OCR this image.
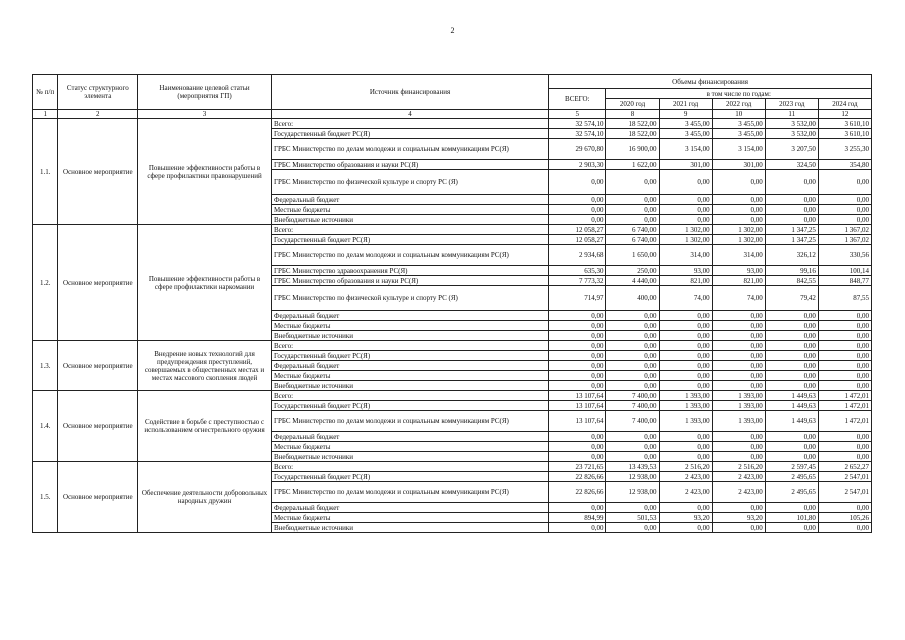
2
№ п/п	Статус структурного элемента	Наименование целевой статьи (мероприятия ГП)	Источник финансирования	Объемы финансирования					
				ВСЕГО:	в том числе по годам:				
					2020 год	2021 год	2022 год	2023 год	2024 год
1	2	3	4	5	8	9	10	11	12
1.1.	Основное мероприятие	Повышение эффективности работы в сфере профилактики правонарушений	Всего:	32 574,10	18 522,00	3 455,00	3 455,00	3 532,00	3 610,10
			Государственный бюджет РС(Я)	32 574,10	18 522,00	3 455,00	3 455,00	3 532,00	3 610,10
			ГРБС Министерство по делам молодежи и социальным коммуникациям РС(Я)	29 670,80	16 900,00	3 154,00	3 154,00	3 207,50	3 255,30
			ГРБС Министерство образования и науки РС(Я)	2 903,30	1 622,00	301,00	301,00	324,50	354,80
			ГРБС Министерство по физической культуре и спорту РС (Я)	0,00	0,00	0,00	0,00	0,00	0,00
			Федеральный бюджет	0,00	0,00	0,00	0,00	0,00	0,00
			Местные бюджеты	0,00	0,00	0,00	0,00	0,00	0,00
			Внебюджетные источники	0,00	0,00	0,00	0,00	0,00	0,00
1.2.	Основное мероприятие	Повышение эффективности работы в сфере профилактики наркомании	Всего:	12 058,27	6 740,00	1 302,00	1 302,00	1 347,25	1 367,02
			Государственный бюджет РС(Я)	12 058,27	6 740,00	1 302,00	1 302,00	1 347,25	1 367,02
			ГРБС Министерство по делам молодежи и социальным коммуникациям РС(Я)	2 934,68	1 650,00	314,00	314,00	326,12	330,56
			ГРБС Министерство здравоохранения РС(Я)	635,30	250,00	93,00	93,00	99,16	100,14
			ГРБС Министерство образования и науки РС(Я)	7 773,32	4 440,00	821,00	821,00	842,55	848,77
			ГРБС Министерство по физической культуре и спорту РС (Я)	714,97	400,00	74,00	74,00	79,42	87,55
			Федеральный бюджет	0,00	0,00	0,00	0,00	0,00	0,00
			Местные бюджеты	0,00	0,00	0,00	0,00	0,00	0,00
			Внебюджетные источники	0,00	0,00	0,00	0,00	0,00	0,00
1.3.	Основное мероприятие	Внедрение новых технологий для предупреждения преступлений, совершаемых в общественных местах и местах массового скопления людей	Всего:	0,00	0,00	0,00	0,00	0,00	0,00
			Государственный бюджет РС(Я)	0,00	0,00	0,00	0,00	0,00	0,00
			Федеральный бюджет	0,00	0,00	0,00	0,00	0,00	0,00
			Местные бюджеты	0,00	0,00	0,00	0,00	0,00	0,00
			Внебюджетные источники	0,00	0,00	0,00	0,00	0,00	0,00
1.4.	Основное мероприятие	Содействие в борьбе с преступностью с использованием огнестрельного оружия	Всего:	13 107,64	7 400,00	1 393,00	1 393,00	1 449,63	1 472,01
			Государственный бюджет РС(Я)	13 107,64	7 400,00	1 393,00	1 393,00	1 449,63	1 472,01
			ГРБС Министерство по делам молодежи и социальным коммуникациям РС(Я)	13 107,64	7 400,00	1 393,00	1 393,00	1 449,63	1 472,01
			Федеральный бюджет	0,00	0,00	0,00	0,00	0,00	0,00
			Местные бюджеты	0,00	0,00	0,00	0,00	0,00	0,00
			Внебюджетные источники	0,00	0,00	0,00	0,00	0,00	0,00
1.5.	Основное мероприятие	Обеспечение деятельности добровольных народных дружин	Всего:	23 721,65	13 439,53	2 516,20	2 516,20	2 597,45	2 652,27
			Государственный бюджет РС(Я)	22 826,66	12 938,00	2 423,00	2 423,00	2 495,65	2 547,01
			ГРБС Министерство по делам молодежи и социальным коммуникациям РС(Я)	22 826,66	12 938,00	2 423,00	2 423,00	2 495,65	2 547,01
			Федеральный бюджет	0,00	0,00	0,00	0,00	0,00	0,00
			Местные бюджеты	894,99	501,53	93,20	93,20	101,80	105,26
			Внебюджетные источники	0,00	0,00	0,00	0,00	0,00	0,00
